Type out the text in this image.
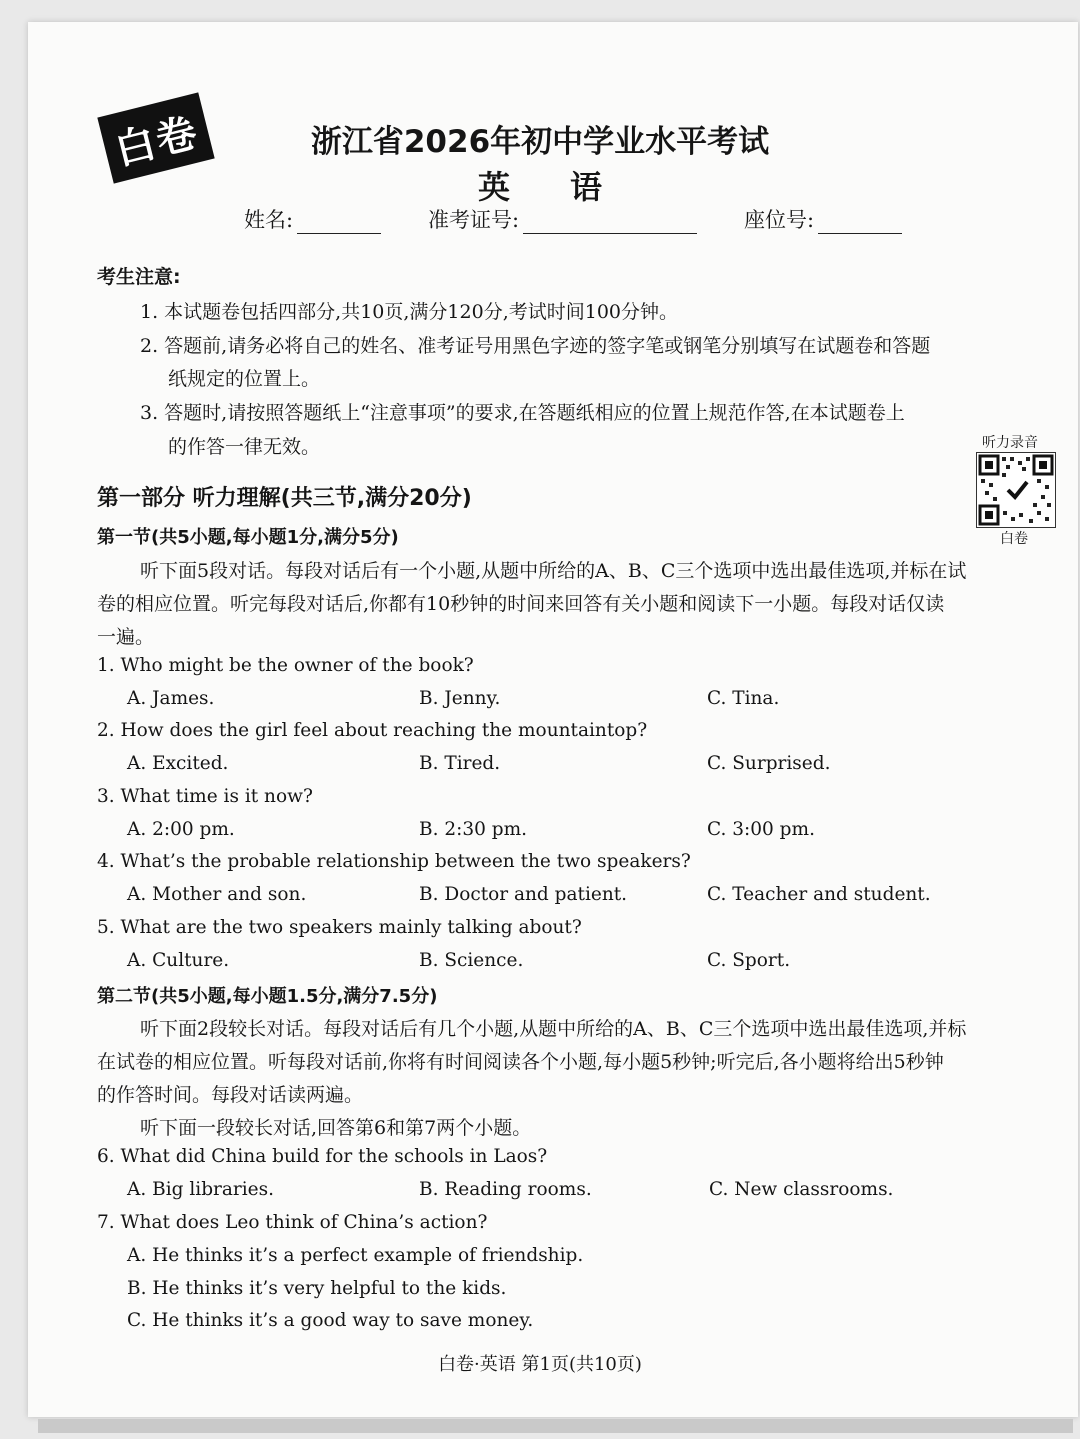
白卷	浙江省2026年初中学业水平考试
英语
姓名:	准考证号:	座位号:
考生注意:
1. 本试题卷包括四部分,共10页,满分120分,考试时间100分钟。
2. 答题前,请务必将自己的姓名、准考证号用黑色字迹的签字笔或钢笔分别填写在试题卷和答题
纸规定的位置上。
3. 答题时,请按照答题纸上“注意事项”的要求,在答题纸相应的位置上规范作答,在本试题卷上
的作答一律无效。	听力录音
白卷
第一部分 听力理解(共三节,满分20分)
第一节(共5小题,每小题1分,满分5分)
听下面5段对话。每段对话后有一个小题,从题中所给的A、B、C三个选项中选出最佳选项,并标在试
卷的相应位置。听完每段对话后,你都有10秒钟的时间来回答有关小题和阅读下一小题。每段对话仅读
一遍。
1. Who might be the owner of the book?
A. James.	B. Jenny.	C. Tina.
2. How does the girl feel about reaching the mountaintop?
A. Excited.	B. Tired.	C. Surprised.
3. What time is it now?
A. 2:00 pm.	B. 2:30 pm.	C. 3:00 pm.
4. What’s the probable relationship between the two speakers?
A. Mother and son.	B. Doctor and patient.	C. Teacher and student.
5. What are the two speakers mainly talking about?
A. Culture.	B. Science.	C. Sport.
第二节(共5小题,每小题1.5分,满分7.5分)
听下面2段较长对话。每段对话后有几个小题,从题中所给的A、B、C三个选项中选出最佳选项,并标
在试卷的相应位置。听每段对话前,你将有时间阅读各个小题,每小题5秒钟;听完后,各小题将给出5秒钟
的作答时间。每段对话读两遍。
听下面一段较长对话,回答第6和第7两个小题。
6. What did China build for the schools in Laos?
A. Big libraries.	B. Reading rooms.	C. New classrooms.
7. What does Leo think of China’s action?
A. He thinks it’s a perfect example of friendship.
B. He thinks it’s very helpful to the kids.
C. He thinks it’s a good way to save money.
白卷·英语 第1页(共10页)
